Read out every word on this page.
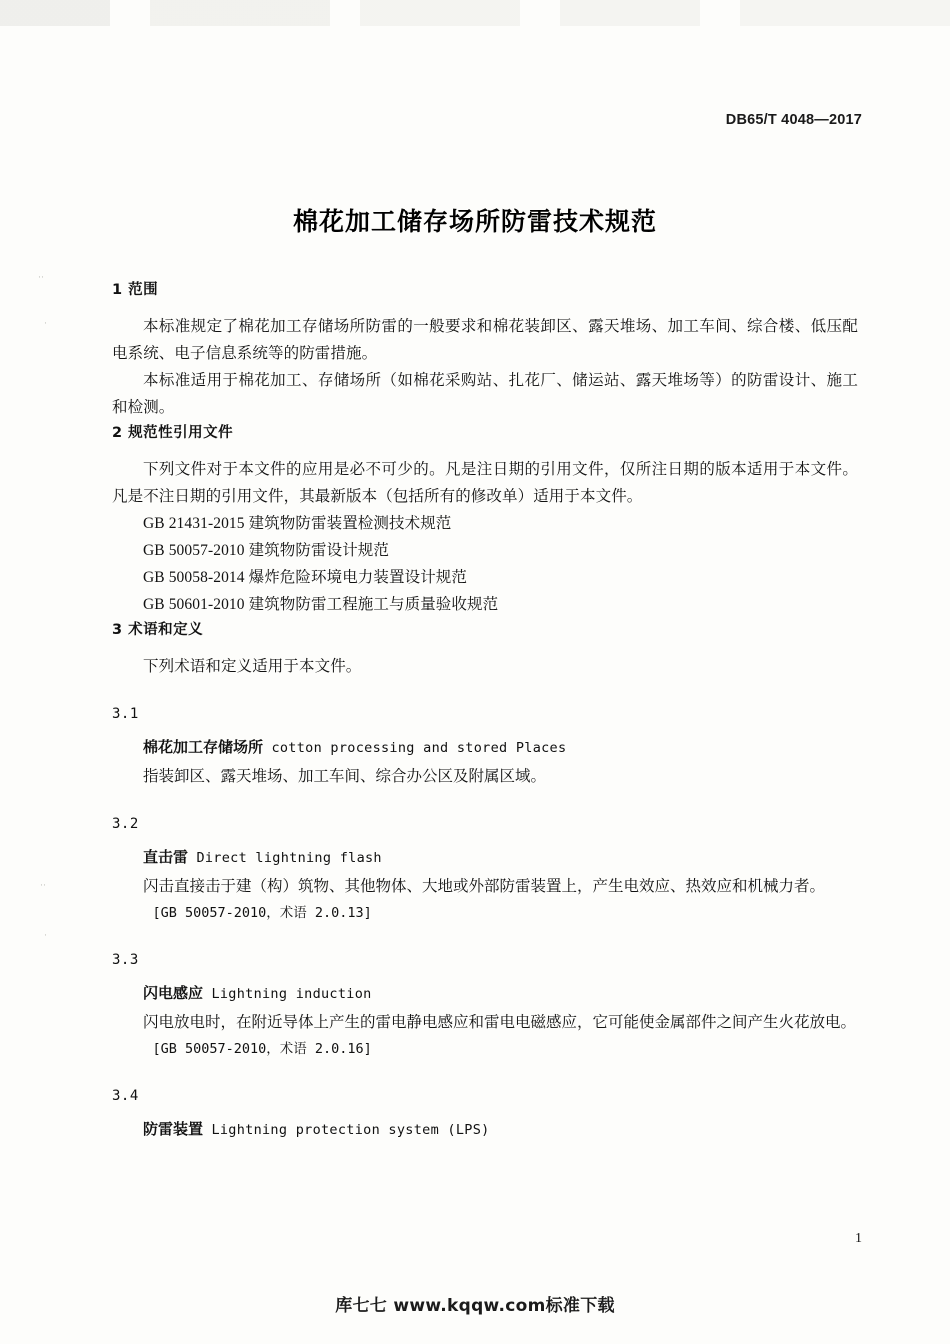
··
·
··
·
DB65/T 4048—2017
棉花加工储存场所防雷技术规范
1 范围

本标准规定了棉花加工存储场所防雷的一般要求和棉花装卸区、露天堆场、加工车间、综合楼、低压配电系统、电子信息系统等的防雷措施。

本标准适用于棉花加工、存储场所（如棉花采购站、扎花厂、储运站、露天堆场等）的防雷设计、施工和检测。

2 规范性引用文件

下列文件对于本文件的应用是必不可少的。凡是注日期的引用文件，仅所注日期的版本适用于本文件。凡是不注日期的引用文件，其最新版本（包括所有的修改单）适用于本文件。

GB 21431-2015 建筑物防雷装置检测技术规范
GB 50057-2010 建筑物防雷设计规范
GB 50058-2014 爆炸危险环境电力装置设计规范
GB 50601-2010 建筑物防雷工程施工与质量验收规范
3 术语和定义

下列术语和定义适用于本文件。

3.1

棉花加工存储场所 cotton processing and stored Places

指装卸区、露天堆场、加工车间、综合办公区及附属区域。

3.2

直击雷 Direct lightning flash

闪击直接击于建（构）筑物、其他物体、大地或外部防雷装置上，产生电效应、热效应和机械力者。

[GB 50057-2010，术语 2.0.13]

3.3

闪电感应 Lightning induction

闪电放电时，在附近导体上产生的雷电静电感应和雷电电磁感应，它可能使金属部件之间产生火花放电。

[GB 50057-2010，术语 2.0.16]

3.4

防雷装置 Lightning protection system (LPS)

1
库七七 www.kqqw.com标准下载
